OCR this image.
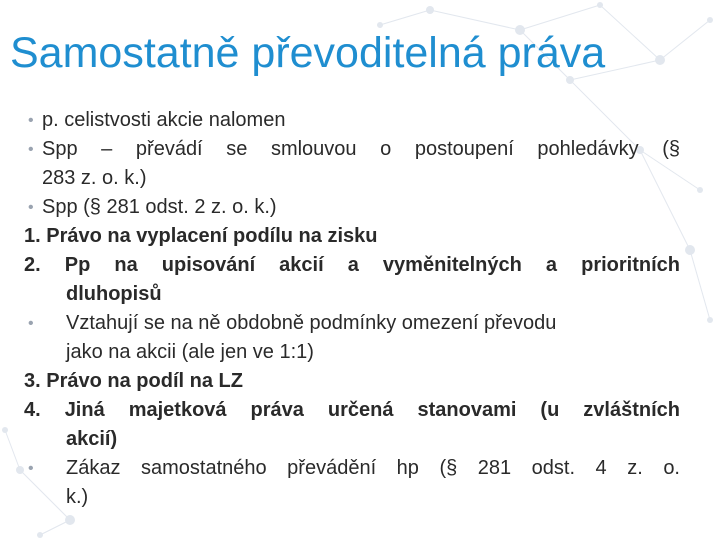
Samostatně převoditelná práva
• p. celistvosti akcie nalomen
• Spp – převádí se smlouvou o postoupení pohledávky (§
283 z. o. k.)
• Spp (§ 281 odst. 2 z. o. k.)
1. Právo na vyplacení podílu na zisku
2. Pp na upisování akcií a vyměnitelných a prioritních
dluhopisů
• Vztahují se na ně obdobně podmínky omezení převodu
jako na akcii (ale jen ve 1:1)
3. Právo na podíl na LZ
4. Jiná majetková práva určená stanovami (u zvláštních
akcií)
• Zákaz samostatného převádění hp (§ 281 odst. 4 z. o.
k.)
